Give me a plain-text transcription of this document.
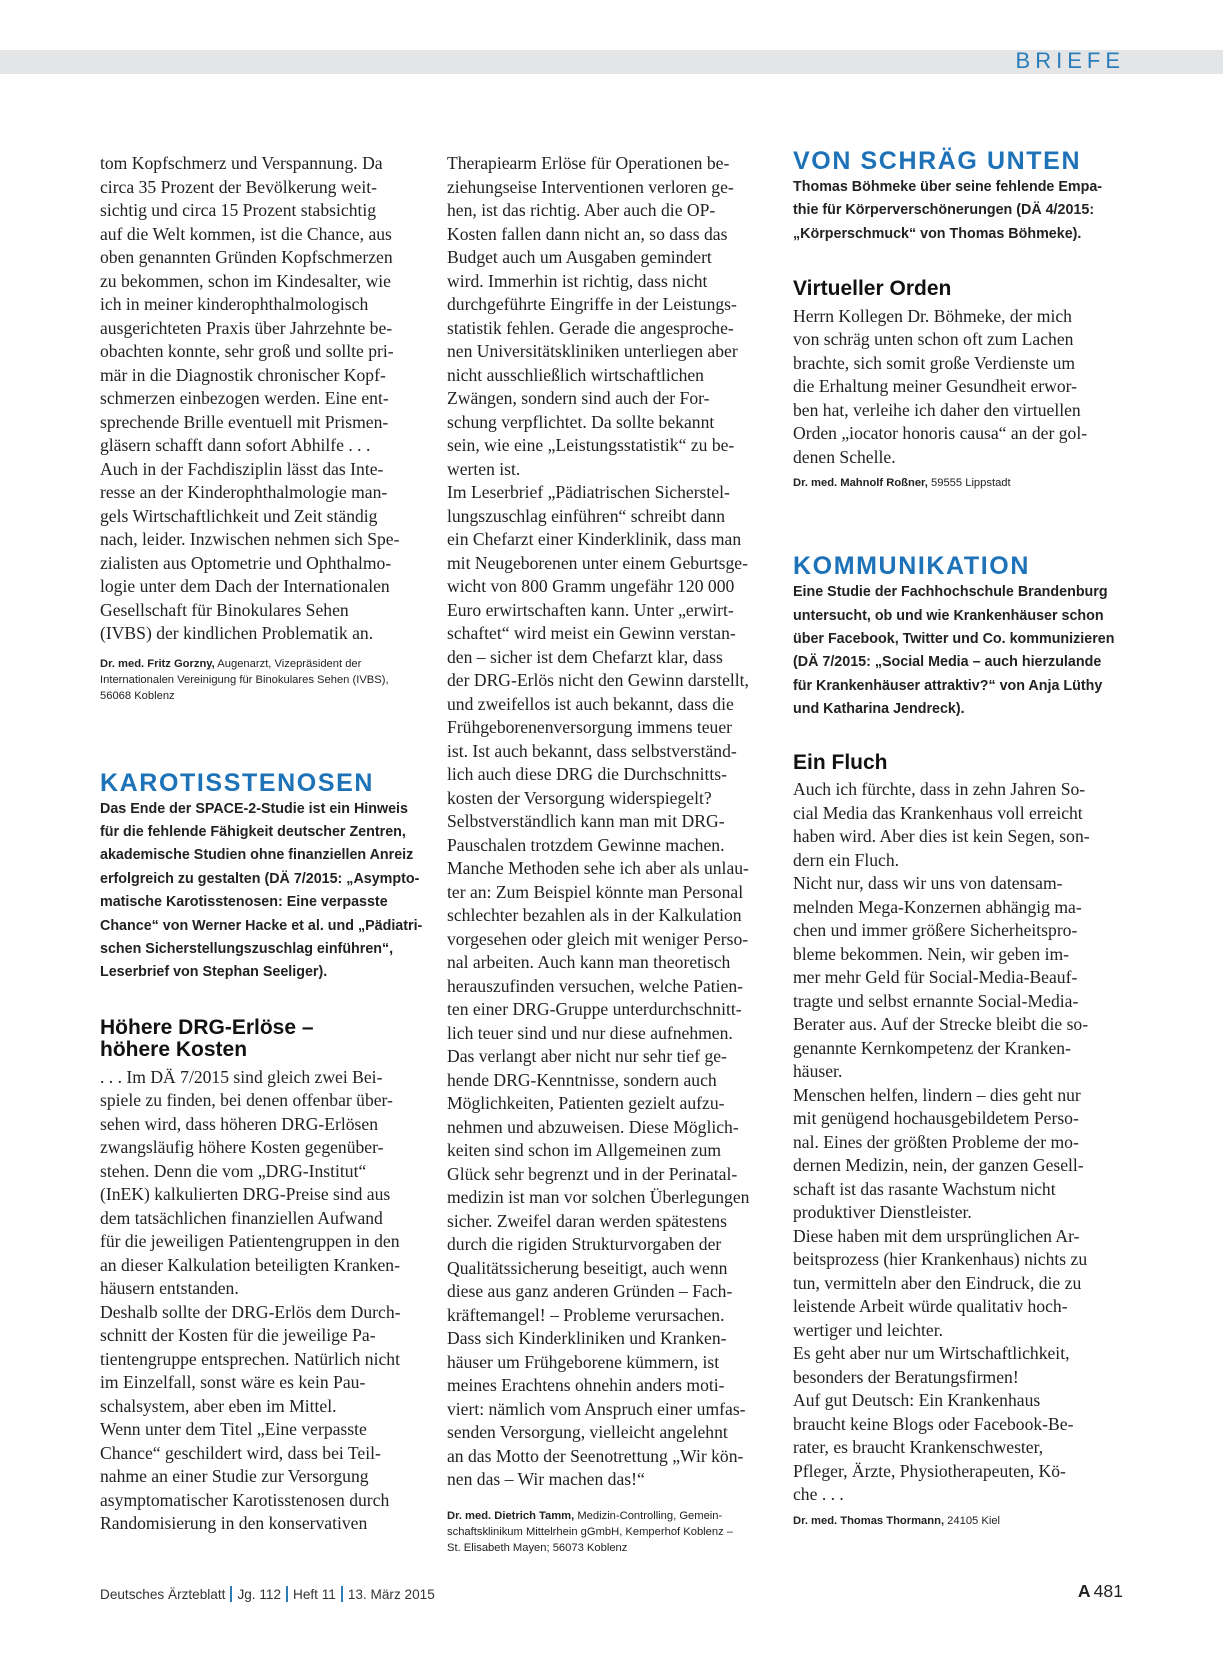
BRIEFE
tom Kopfschmerz und Verspannung. Da
circa 35 Prozent der Bevölkerung weit-
sichtig und circa 15 Prozent stabsichtig
auf die Welt kommen, ist die Chance, aus
oben genannten Gründen Kopfschmerzen
zu bekommen, schon im Kindesalter, wie
ich in meiner kinderophthalmologisch
ausgerichteten Praxis über Jahrzehnte be-
obachten konnte, sehr groß und sollte pri-
mär in die Diagnostik chronischer Kopf-
schmerzen einbezogen werden. Eine ent-
sprechende Brille eventuell mit Prismen-
gläsern schafft dann sofort Abhilfe . . .
Auch in der Fachdisziplin lässt das Inte-
resse an der Kinderophthalmologie man-
gels Wirtschaftlichkeit und Zeit ständig
nach, leider. Inzwischen nehmen sich Spe-
zialisten aus Optometrie und Ophthalmo-
logie unter dem Dach der Internationalen
Gesellschaft für Binokulares Sehen
(IVBS) der kindlichen Problematik an.
Dr. med. Fritz Gorzny, Augenarzt, Vizepräsident der
Internationalen Vereinigung für Binokulares Sehen (IVBS),
56068 Koblenz
KAROTISSTENOSEN
Das Ende der SPACE-2-Studie ist ein Hinweis
für die fehlende Fähigkeit deutscher Zentren,
akademische Studien ohne finanziellen Anreiz
erfolgreich zu gestalten (DÄ 7/2015: „Asympto-
matische Karotisstenosen: Eine verpasste
Chance“ von Werner Hacke et al. und „Pädiatri-
schen Sicherstellungszuschlag einführen“,
Leserbrief von Stephan Seeliger).
Höhere DRG-Erlöse –
höhere Kosten
. . . Im DÄ 7/2015 sind gleich zwei Bei-
spiele zu finden, bei denen offenbar über-
sehen wird, dass höheren DRG-Erlösen
zwangsläufig höhere Kosten gegenüber-
stehen. Denn die vom „DRG-Institut“
(InEK) kalkulierten DRG-Preise sind aus
dem tatsächlichen finanziellen Aufwand
für die jeweiligen Patientengruppen in den
an dieser Kalkulation beteiligten Kranken-
häusern entstanden.
Deshalb sollte der DRG-Erlös dem Durch-
schnitt der Kosten für die jeweilige Pa-
tientengruppe entsprechen. Natürlich nicht
im Einzelfall, sonst wäre es kein Pau-
schalsystem, aber eben im Mittel.
Wenn unter dem Titel „Eine verpasste
Chance“ geschildert wird, dass bei Teil-
nahme an einer Studie zur Versorgung
asymptomatischer Karotisstenosen durch
Randomisierung in den konservativen
Therapiearm Erlöse für Operationen be-
ziehungseise Interventionen verloren ge-
hen, ist das richtig. Aber auch die OP-
Kosten fallen dann nicht an, so dass das
Budget auch um Ausgaben gemindert
wird. Immerhin ist richtig, dass nicht
durchgeführte Eingriffe in der Leistungs-
statistik fehlen. Gerade die angesproche-
nen Universitätskliniken unterliegen aber
nicht ausschließlich wirtschaftlichen
Zwängen, sondern sind auch der For-
schung verpflichtet. Da sollte bekannt
sein, wie eine „Leistungsstatistik“ zu be-
werten ist.
Im Leserbrief „Pädiatrischen Sicherstel-
lungszuschlag einführen“ schreibt dann
ein Chefarzt einer Kinderklinik, dass man
mit Neugeborenen unter einem Geburtsge-
wicht von 800 Gramm ungefähr 120 000
Euro erwirtschaften kann. Unter „erwirt-
schaftet“ wird meist ein Gewinn verstan-
den – sicher ist dem Chefarzt klar, dass
der DRG-Erlös nicht den Gewinn darstellt,
und zweifellos ist auch bekannt, dass die
Frühgeborenenversorgung immens teuer
ist. Ist auch bekannt, dass selbstverständ-
lich auch diese DRG die Durchschnitts-
kosten der Versorgung widerspiegelt?
Selbstverständlich kann man mit DRG-
Pauschalen trotzdem Gewinne machen.
Manche Methoden sehe ich aber als unlau-
ter an: Zum Beispiel könnte man Personal
schlechter bezahlen als in der Kalkulation
vorgesehen oder gleich mit weniger Perso-
nal arbeiten. Auch kann man theoretisch
herauszufinden versuchen, welche Patien-
ten einer DRG-Gruppe unterdurchschnitt-
lich teuer sind und nur diese aufnehmen.
Das verlangt aber nicht nur sehr tief ge-
hende DRG-Kenntnisse, sondern auch
Möglichkeiten, Patienten gezielt aufzu-
nehmen und abzuweisen. Diese Möglich-
keiten sind schon im Allgemeinen zum
Glück sehr begrenzt und in der Perinatal-
medizin ist man vor solchen Überlegungen
sicher. Zweifel daran werden spätestens
durch die rigiden Strukturvorgaben der
Qualitätssicherung beseitigt, auch wenn
diese aus ganz anderen Gründen – Fach-
kräftemangel! – Probleme verursachen.
Dass sich Kinderkliniken und Kranken-
häuser um Frühgeborene kümmern, ist
meines Erachtens ohnehin anders moti-
viert: nämlich vom Anspruch einer umfas-
senden Versorgung, vielleicht angelehnt
an das Motto der Seenotrettung „Wir kön-
nen das – Wir machen das!“
Dr. med. Dietrich Tamm, Medizin-Controlling, Gemein-
schaftsklinikum Mittelrhein gGmbH, Kemperhof Koblenz –
St. Elisabeth Mayen; 56073 Koblenz
VON SCHRÄG UNTEN
Thomas Böhmeke über seine fehlende Empa-
thie für Körperverschönerungen (DÄ 4/2015:
„Körperschmuck“ von Thomas Böhmeke).
Virtueller Orden
Herrn Kollegen Dr. Böhmeke, der mich
von schräg unten schon oft zum Lachen
brachte, sich somit große Verdienste um
die Erhaltung meiner Gesundheit erwor-
ben hat, verleihe ich daher den virtuellen
Orden „iocator honoris causa“ an der gol-
denen Schelle.
Dr. med. Mahnolf Roßner, 59555 Lippstadt
KOMMUNIKATION
Eine Studie der Fachhochschule Brandenburg
untersucht, ob und wie Krankenhäuser schon
über Facebook, Twitter und Co. kommunizieren
(DÄ 7/2015: „Social Media – auch hierzulande
für Krankenhäuser attraktiv?“ von Anja Lüthy
und Katharina Jendreck).
Ein Fluch
Auch ich fürchte, dass in zehn Jahren So-
cial Media das Krankenhaus voll erreicht
haben wird. Aber dies ist kein Segen, son-
dern ein Fluch.
Nicht nur, dass wir uns von datensam-
melnden Mega-Konzernen abhängig ma-
chen und immer größere Sicherheitspro-
bleme bekommen. Nein, wir geben im-
mer mehr Geld für Social-Media-Beauf-
tragte und selbst ernannte Social-Media-
Berater aus. Auf der Strecke bleibt die so-
genannte Kernkompetenz der Kranken-
häuser.
Menschen helfen, lindern – dies geht nur
mit genügend hochausgebildetem Perso-
nal. Eines der größten Probleme der mo-
dernen Medizin, nein, der ganzen Gesell-
schaft ist das rasante Wachstum nicht
produktiver Dienstleister.
Diese haben mit dem ursprünglichen Ar-
beitsprozess (hier Krankenhaus) nichts zu
tun, vermitteln aber den Eindruck, die zu
leistende Arbeit würde qualitativ hoch-
wertiger und leichter.
Es geht aber nur um Wirtschaftlichkeit,
besonders der Beratungsfirmen!
Auf gut Deutsch: Ein Krankenhaus
braucht keine Blogs oder Facebook-Be-
rater, es braucht Krankenschwester,
Pfleger, Ärzte, Physiotherapeuten, Kö-
che . . .
Dr. med. Thomas Thormann, 24105 Kiel
Deutsches Ärzteblatt Jg. 112 Heft 11 13. März 2015	A 481
